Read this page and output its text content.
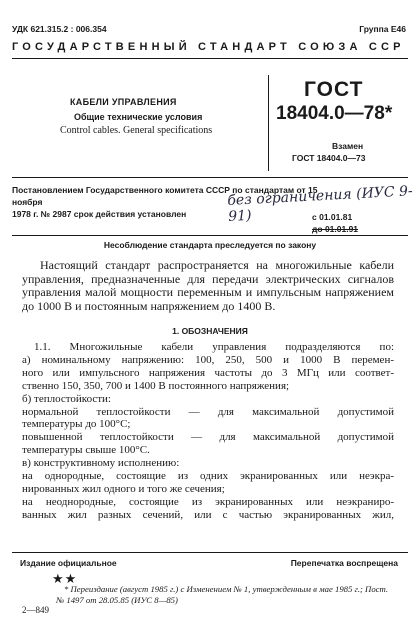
УДК 621.315.2 : 006.354	Группа Е46
ГОСУДАРСТВЕННЫЙ СТАНДАРТ СОЮЗА ССР
КАБЕЛИ УПРАВЛЕНИЯ
Общие технические условия
Control cables. General specifications
ГОСТ
18404.0—78*
Взамен
ГОСТ 18404.0—73
Постановлением Государственного комитета СССР по стандартам от 15 ноября
1978 г. № 2987 срок действия установлен
без ограничения (ИУС 9-91)	с 01.01.81
до 01.01.91
Несоблюдение стандарта преследуется по закону
Настоящий стандарт распространяется на многожильные кабели управления, предназначенные для передачи электрических сигналов управления малой мощности переменным и импульсным напряжением до 1000 В и постоянным напряжением до 1400 В.
1. ОБОЗНАЧЕНИЯ
1.1. Многожильные кабели управления подразделяются по:
а) номинальному напряжению: 100, 250, 500 и 1000 В перемен-
ного или импульсного напряжения частоты до 3 МГц или соответ-
ственно 150, 350, 700 и 1400 В постоянного напряжения;
б) теплостойкости:
нормальной теплостойкости — для максимальной допустимой
температуры до 100°С;
повышенной теплостойкости — для максимальной допустимой
температуры свыше 100°С.
в) конструктивному исполнению:
на однородные, состоящие из одних экранированных или неэкра-
нированных жил одного и того же сечения;
на неоднородные, состоящие из экранированных или неэкраниро-
ванных жил разных сечений, или с частью экранированных жил,
Издание официальное	Перепечатка воспрещена
★★
* Переиздание (август 1985 г.) с Изменением № 1, утвержденным в мае 1985 г.; Пост. № 1497 от 28.05.85 (ИУС 8—85)
2—849
